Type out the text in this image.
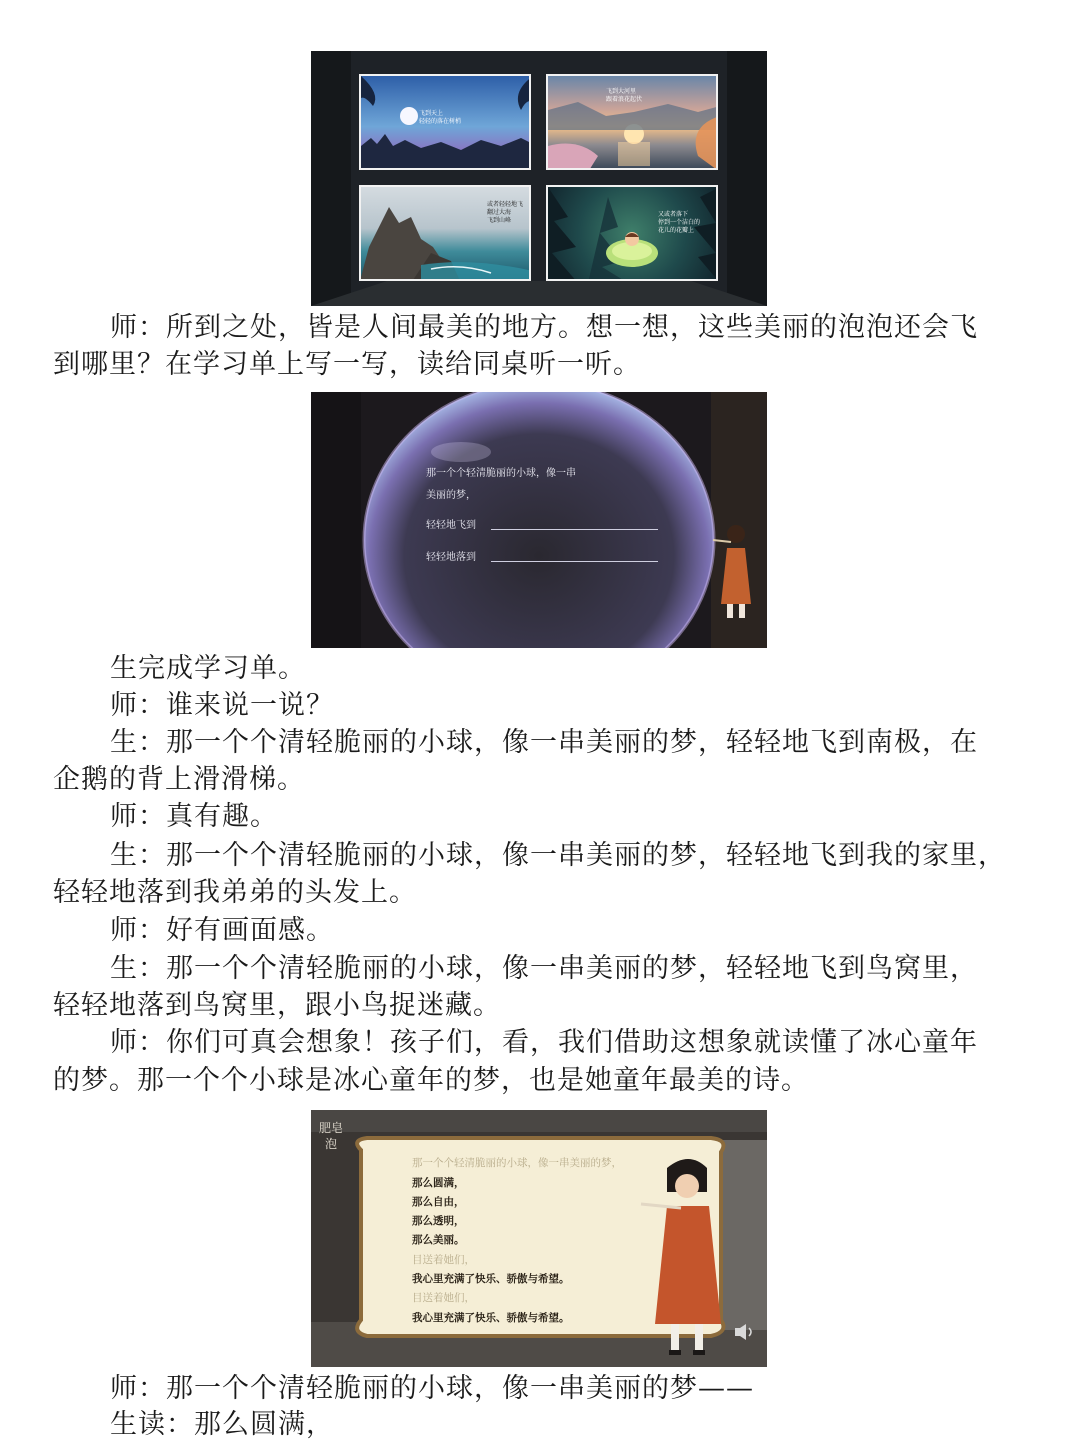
飞到天上
轻轻的落在树梢
飞到大河里
跟着浪花起伏
或者轻轻地飞
翻过大海
飞到山峰
又或者落下
停到一个洁白的
花儿的花瓣上

师：所到之处，皆是人间最美的地方。想一想，这些美丽的泡泡还会飞

到哪里？在学习单上写一写，读给同桌听一听。

那一个个轻清脆丽的小球，像一串
美丽的梦，
轻轻地飞到
轻轻地落到

生完成学习单。

师：谁来说一说？

生：那一个个清轻脆丽的小球，像一串美丽的梦，轻轻地飞到南极，在

企鹅的背上滑滑梯。

师：真有趣。

生：那一个个清轻脆丽的小球，像一串美丽的梦，轻轻地飞到我的家里，

轻轻地落到我弟弟的头发上。

师：好有画面感。

生：那一个个清轻脆丽的小球，像一串美丽的梦，轻轻地飞到鸟窝里，

轻轻地落到鸟窝里，跟小鸟捉迷藏。

师：你们可真会想象！孩子们，看，我们借助这想象就读懂了冰心童年

的梦。那一个个小球是冰心童年的梦，也是她童年最美的诗。

肥皂泡
那一个个轻清脆丽的小球，像一串美丽的梦，
那么圆满，
那么自由，
那么透明，
那么美丽。
目送着她们，
我心里充满了快乐、骄傲与希望。
目送着她们，
我心里充满了快乐、骄傲与希望。

师：那一个个清轻脆丽的小球，像一串美丽的梦——

生读：那么圆满，
